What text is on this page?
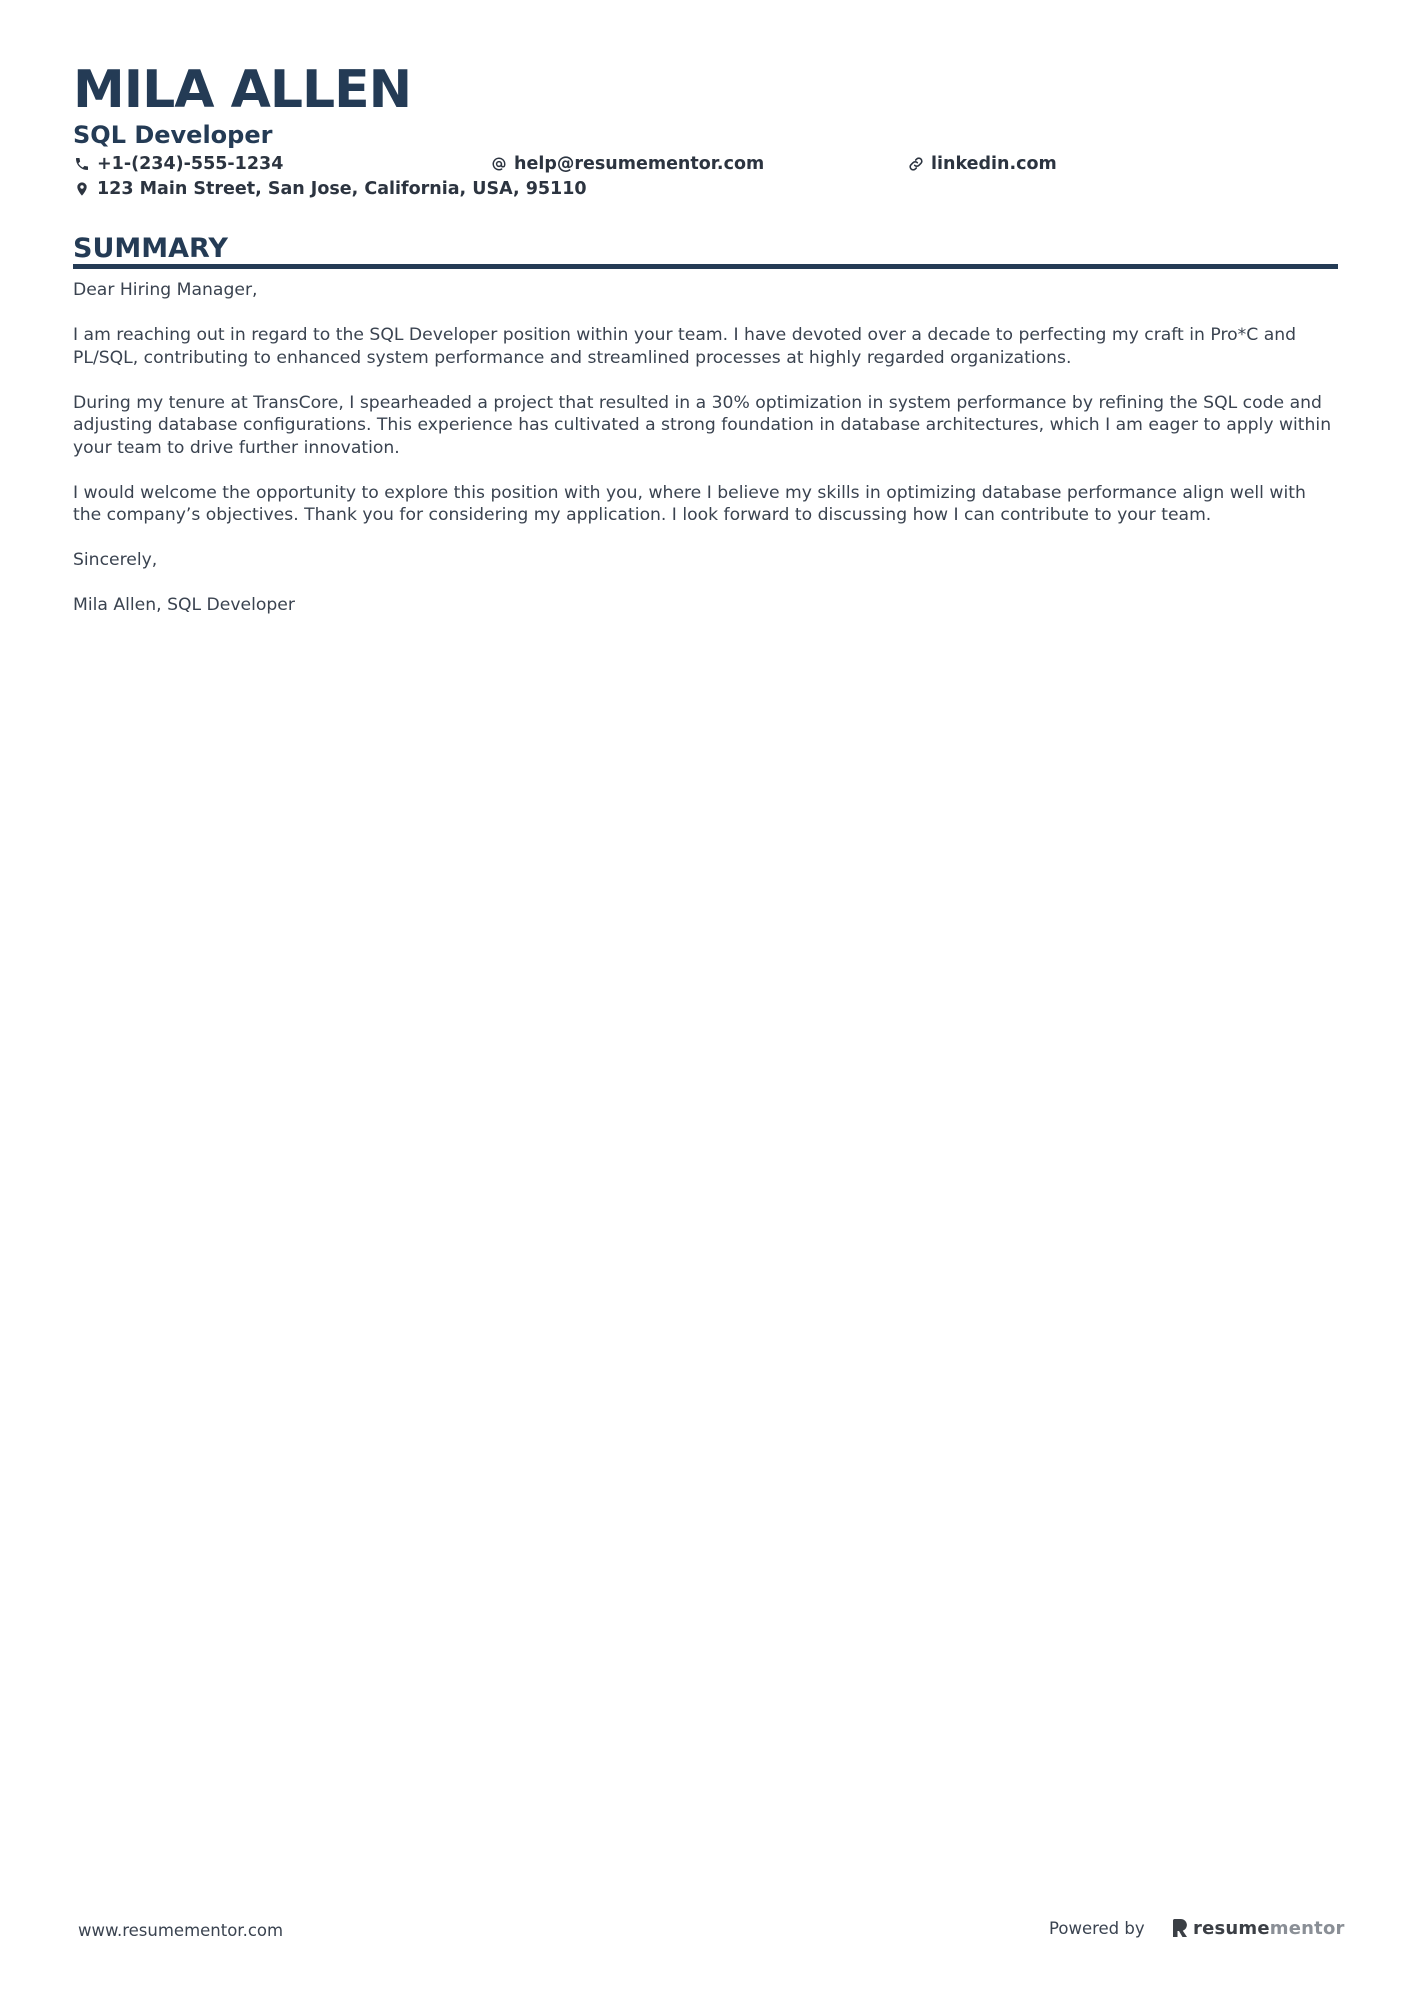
MILA ALLEN
SQL Developer
+1-(234)-555-1234	help@resumementor.com	linkedin.com
123 Main Street, San Jose, California, USA, 95110
SUMMARY

Dear Hiring Manager,

I am reaching out in regard to the SQL Developer position within your team. I have devoted over a decade to perfecting my craft in Pro*C and PL/SQL, contributing to enhanced system performance and streamlined processes at highly regarded organizations.

During my tenure at TransCore, I spearheaded a project that resulted in a 30% optimization in system performance by refining the SQL code and adjusting database configurations. This experience has cultivated a strong foundation in database architectures, which I am eager to apply within your team to drive further innovation.

I would welcome the opportunity to explore this position with you, where I believe my skills in optimizing database performance align well with the company’s objectives. Thank you for considering my application. I look forward to discussing how I can contribute to your team.

Sincerely,

Mila Allen, SQL Developer

www.resumementor.com	Powered by	resumementor
